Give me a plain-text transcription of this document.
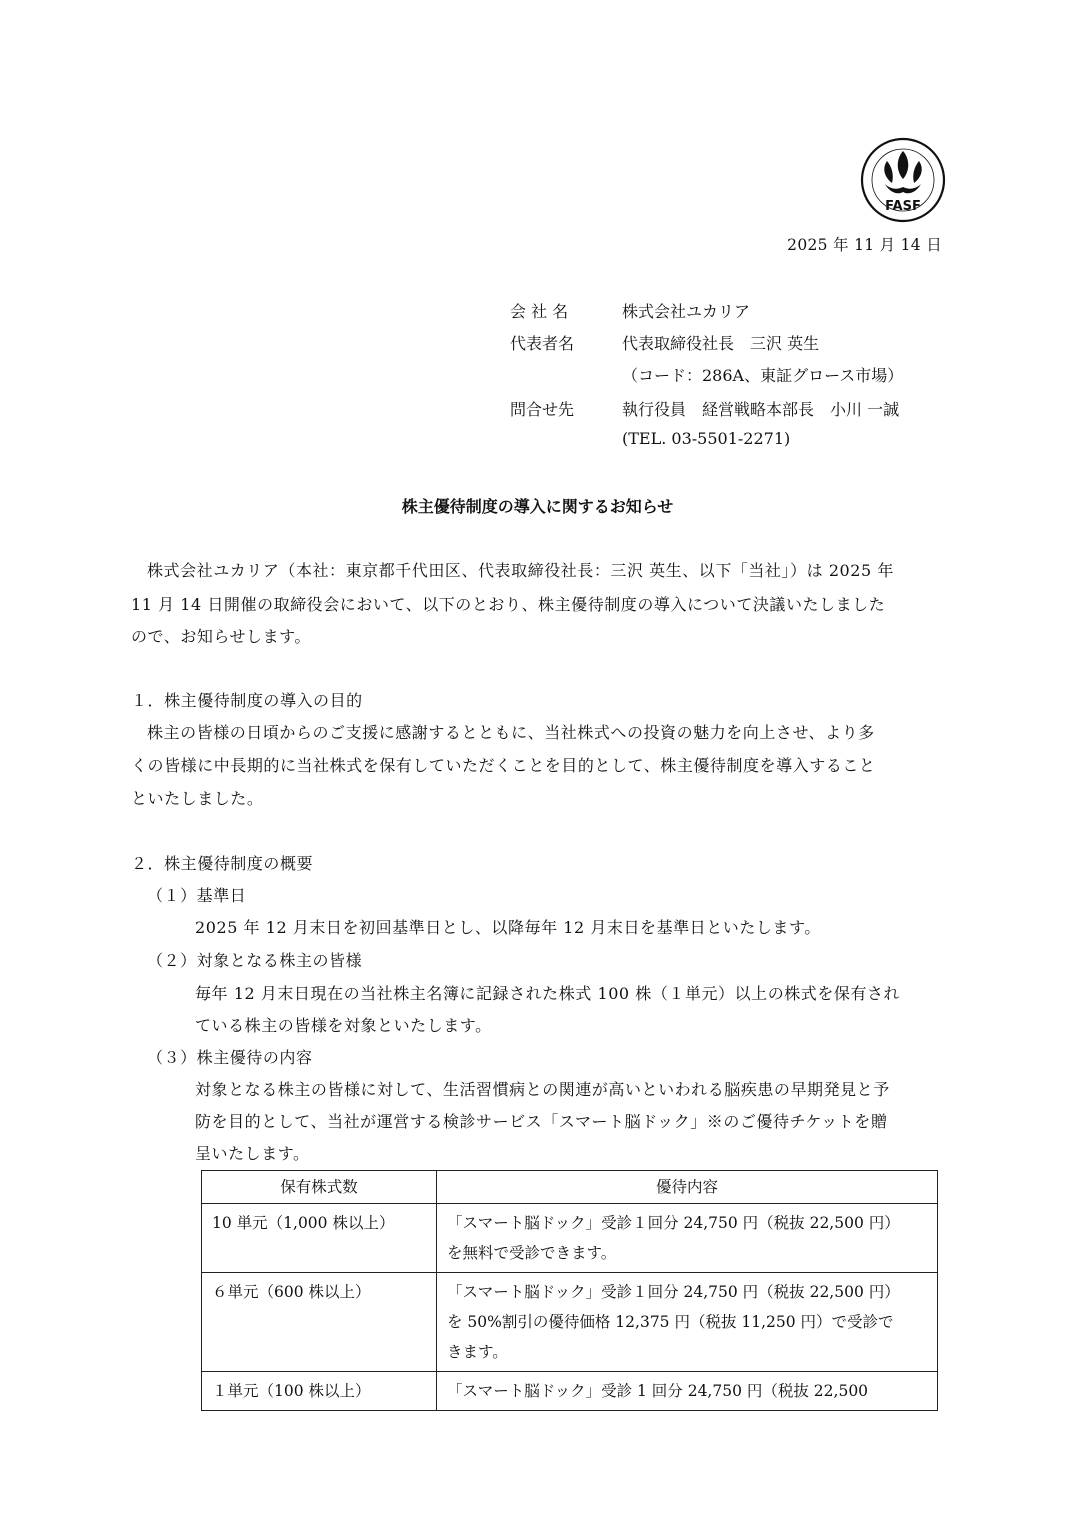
FASF
2025 年 11 月 14 日
会 社 名	株式会社ユカリア
代表者名	代表取締役社長　三沢 英生
（コード：286A、東証グロース市場）
問合せ先	執行役員　経営戦略本部長　小川 一誠
(TEL. 03-5501-2271)
株主優待制度の導入に関するお知らせ
株式会社ユカリア（本社：東京都千代田区、代表取締役社長：三沢 英生、以下「当社」）は 2025 年
11 月 14 日開催の取締役会において、以下のとおり、株主優待制度の導入について決議いたしました
ので、お知らせします。
１．株主優待制度の導入の目的
株主の皆様の日頃からのご支援に感謝するとともに、当社株式への投資の魅力を向上させ、より多
くの皆様に中長期的に当社株式を保有していただくことを目的として、株主優待制度を導入すること
といたしました。
２．株主優待制度の概要
（１）基準日
2025 年 12 月末日を初回基準日とし、以降毎年 12 月末日を基準日といたします。
（２）対象となる株主の皆様
毎年 12 月末日現在の当社株主名簿に記録された株式 100 株（１単元）以上の株式を保有され
ている株主の皆様を対象といたします。
（３）株主優待の内容
対象となる株主の皆様に対して、生活習慣病との関連が高いといわれる脳疾患の早期発見と予
防を目的として、当社が運営する検診サービス「スマート脳ドック」※のご優待チケットを贈
呈いたします。
保有株式数	優待内容
10 単元（1,000 株以上）	「スマート脳ドック」受診１回分 24,750 円（税抜 22,500 円）
を無料で受診できます。

６単元（600 株以上）	「スマート脳ドック」受診１回分 24,750 円（税抜 22,500 円）
を 50%割引の優待価格 12,375 円（税抜 11,250 円）で受診で
きます。

１単元（100 株以上）	「スマート脳ドック」受診 1 回分 24,750 円（税抜 22,500
